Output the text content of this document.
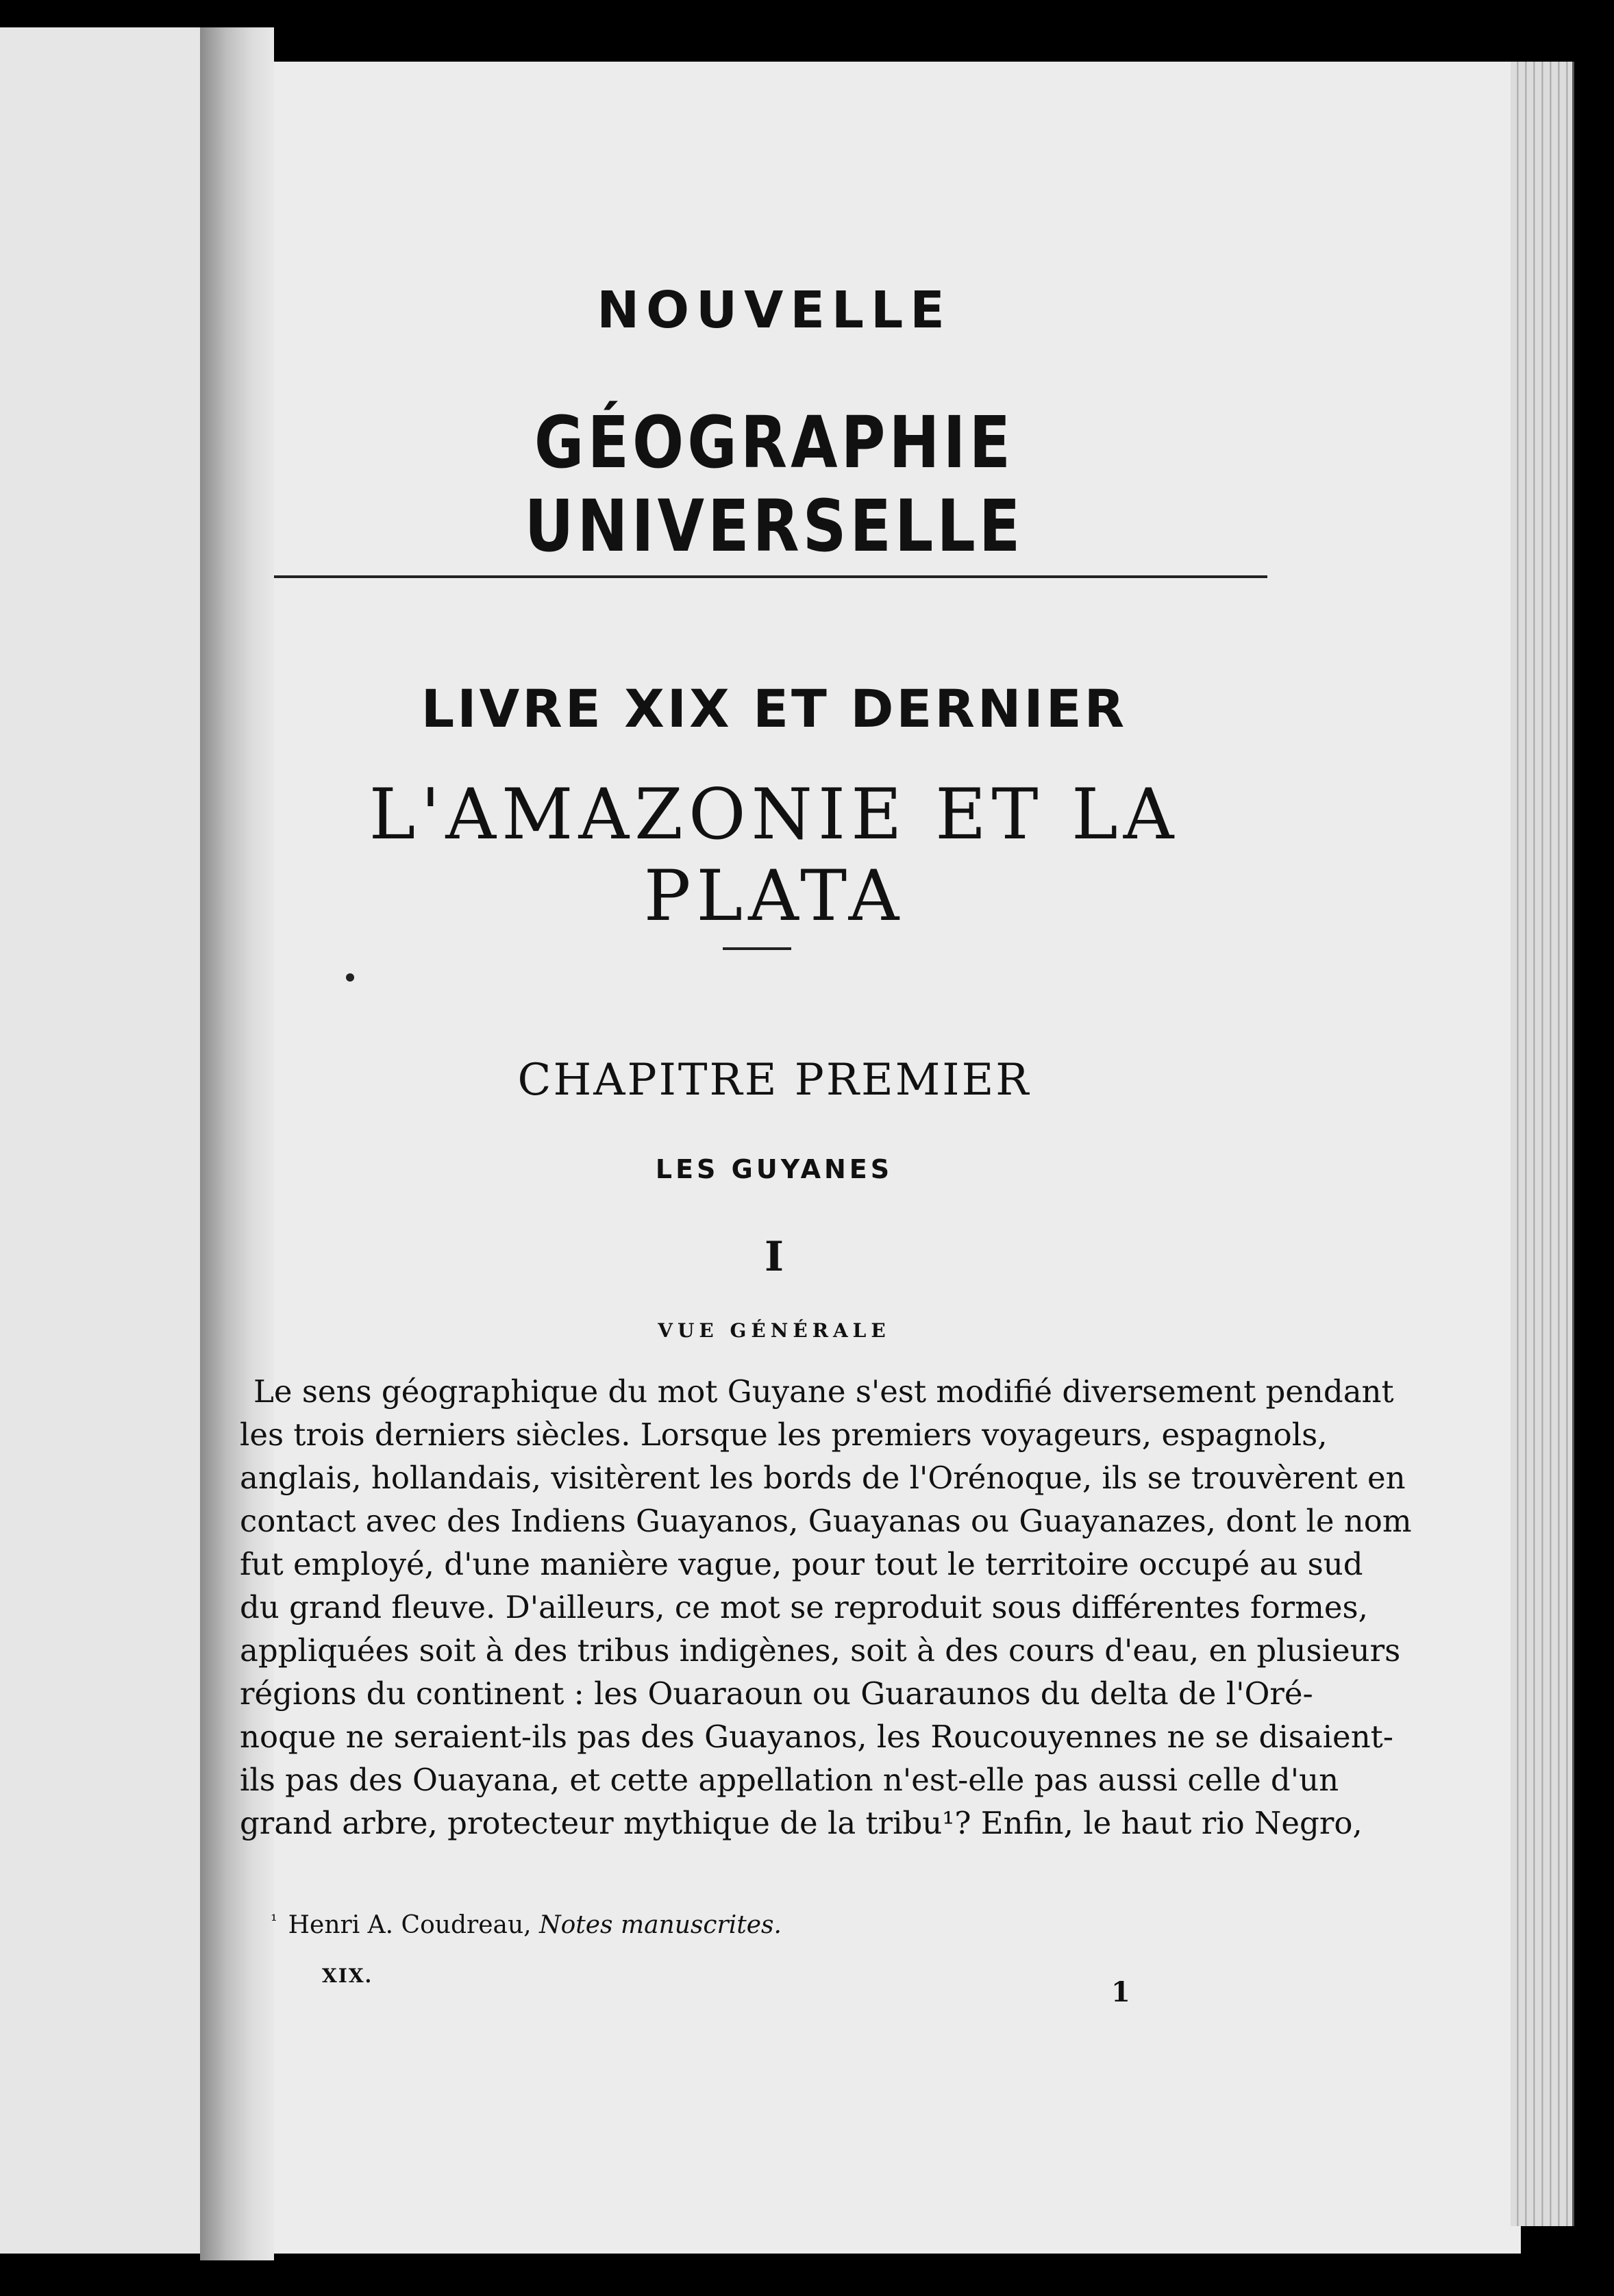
NOUVELLE
GÉOGRAPHIE UNIVERSELLE
LIVRE XIX ET DERNIER
L'AMAZONIE ET LA PLATA
CHAPITRE PREMIER
LES GUYANES
I
VUE GÉNÉRALE
Le sens géographique du mot Guyane s'est modifié diversement pendant
les trois derniers siècles. Lorsque les premiers voyageurs, espagnols,
anglais, hollandais, visitèrent les bords de l'Orénoque, ils se trouvèrent en
contact avec des Indiens Guayanos, Guayanas ou Guayanazes, dont le nom
fut employé, d'une manière vague, pour tout le territoire occupé au sud
du grand fleuve. D'ailleurs, ce mot se reproduit sous différentes formes,
appliquées soit à des tribus indigènes, soit à des cours d'eau, en plusieurs
régions du continent : les Ouaraoun ou Guaraunos du delta de l'Oré-
noque ne seraient-ils pas des Guayanos, les Roucouyennes ne se disaient-
ils pas des Ouayana, et cette appellation n'est-elle pas aussi celle d'un
grand arbre, protecteur mythique de la tribu¹? Enfin, le haut rio Negro,
$^{^1}$ Henri A. Coudreau, Notes manuscrites.
XIX.
1
